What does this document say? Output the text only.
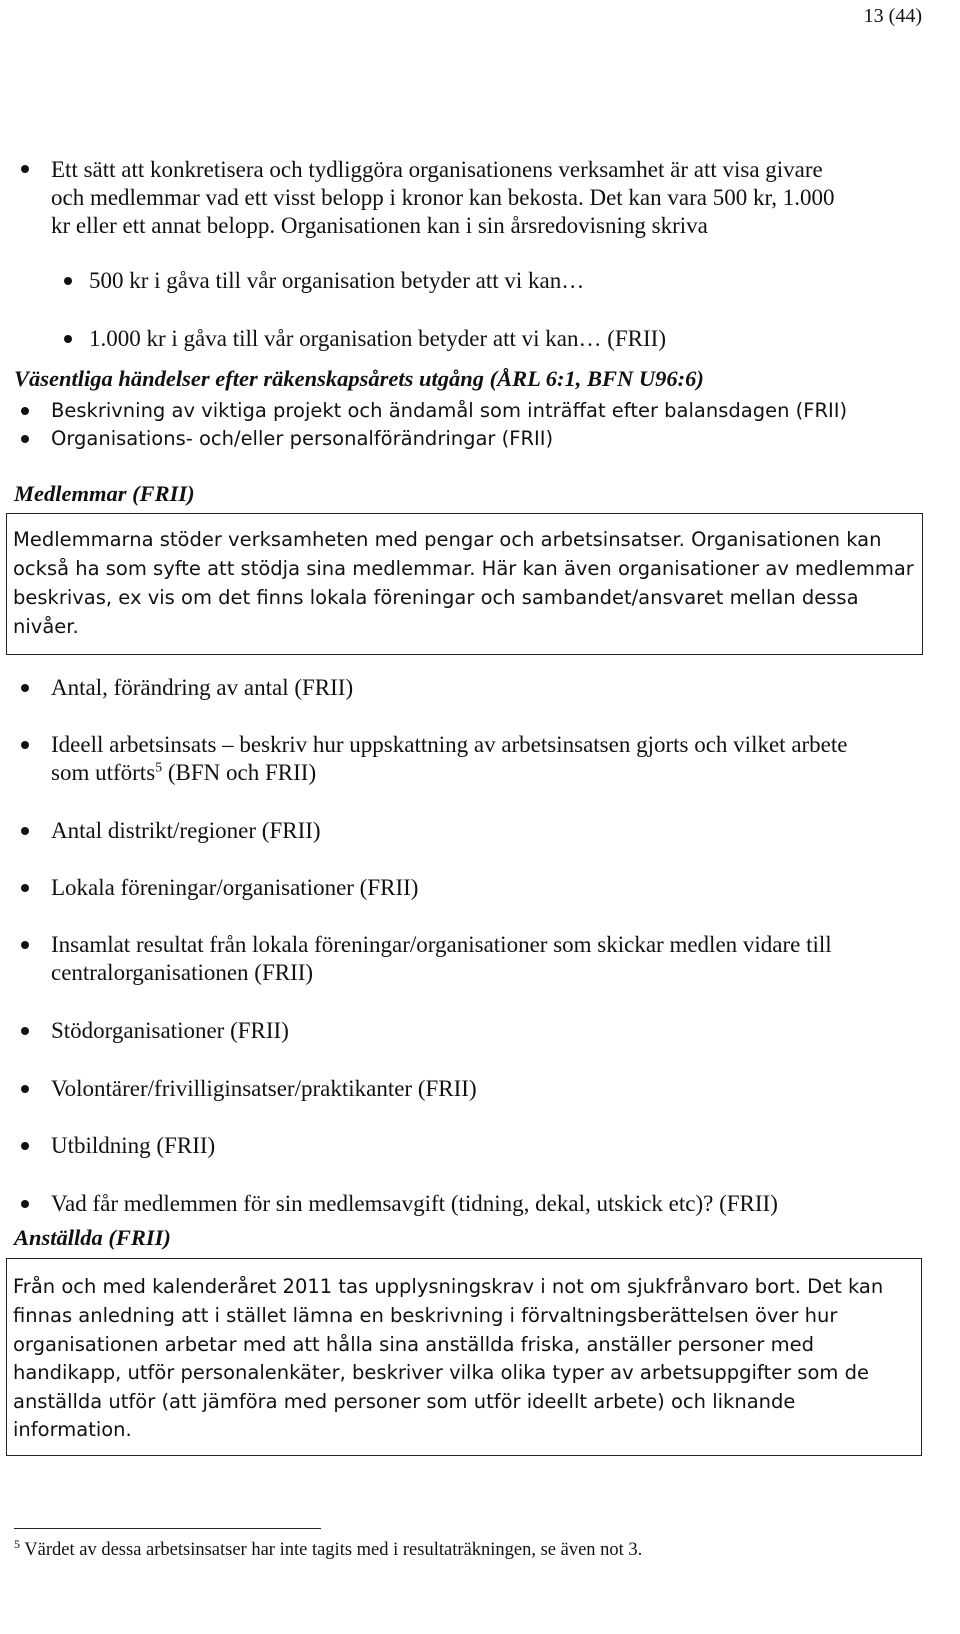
13 (44)
Ett sätt att konkretisera och tydliggöra organisationens verksamhet är att visa givare
och medlemmar vad ett visst belopp i kronor kan bekosta. Det kan vara 500 kr, 1.000
kr eller ett annat belopp. Organisationen kan i sin årsredovisning skriva
500 kr i gåva till vår organisation betyder att vi kan…
1.000 kr i gåva till vår organisation betyder att vi kan… (FRII)
Väsentliga händelser efter räkenskapsårets utgång (ÅRL 6:1, BFN U96:6)
Beskrivning av viktiga projekt och ändamål som inträffat efter balansdagen (FRII)
Organisations- och/eller personalförändringar (FRII)
Medlemmar (FRII)
Medlemmarna stöder verksamheten med pengar och arbetsinsatser. Organisationen kan
också ha som syfte att stödja sina medlemmar. Här kan även organisationer av medlemmar
beskrivas, ex vis om det finns lokala föreningar och sambandet/ansvaret mellan dessa
nivåer.
Antal, förändring av antal (FRII)
Ideell arbetsinsats – beskriv hur uppskattning av arbetsinsatsen gjorts och vilket arbete
som utförts$^5$ (BFN och FRII)
Antal distrikt/regioner (FRII)
Lokala föreningar/organisationer (FRII)
Insamlat resultat från lokala föreningar/organisationer som skickar medlen vidare till
centralorganisationen (FRII)
Stödorganisationer (FRII)
Volontärer/frivilliginsatser/praktikanter (FRII)
Utbildning (FRII)
Vad får medlemmen för sin medlemsavgift (tidning, dekal, utskick etc)? (FRII)
Anställda (FRII)
Från och med kalenderåret 2011 tas upplysningskrav i not om sjukfrånvaro bort. Det kan
finnas anledning att i stället lämna en beskrivning i förvaltningsberättelsen över hur
organisationen arbetar med att hålla sina anställda friska, anställer personer med
handikapp, utför personalenkäter, beskriver vilka olika typer av arbetsuppgifter som de
anställda utför (att jämföra med personer som utför ideellt arbete) och liknande
information.
$^5$ Värdet av dessa arbetsinsatser har inte tagits med i resultaträkningen, se även not 3.
